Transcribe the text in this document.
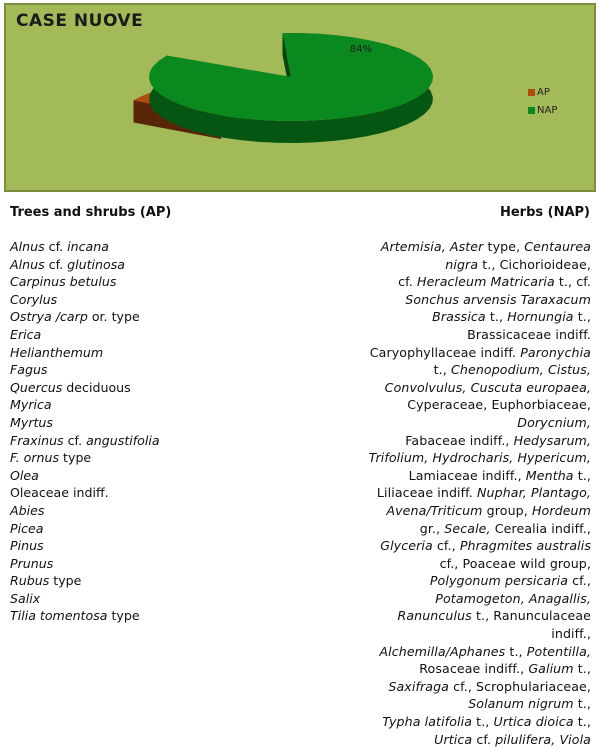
84%
CASE NUOVE
AP
NAP
Trees and shrubs (AP)	Herbs (NAP)
Alnus cf. incana
Alnus cf. glutinosa
Carpinus betulus
Corylus
Ostrya /carp or. type
Erica
Helianthemum
Fagus
Quercus deciduous
Myrica
Myrtus
Fraxinus cf. angustifolia
F. ornus type
Olea
Oleaceae indiff.
Abies
Picea
Pinus
Prunus
Rubus type
Salix
Tilia tomentosa type
Artemisia, Aster type, Centaurea
nigra t., Cichorioideae,
cf. Heracleum Matricaria t., cf.
Sonchus arvensis Taraxacum
Brassica t., Hornungia t.,
Brassicaceae indiff.
Caryophyllaceae indiff. Paronychia
t., Chenopodium, Cistus,
Convolvulus, Cuscuta europaea,
Cyperaceae, Euphorbiaceae,
Dorycnium,
Fabaceae indiff., Hedysarum,
Trifolium, Hydrocharis, Hypericum,
Lamiaceae indiff., Mentha t.,
Liliaceae indiff. Nuphar, Plantago,
Avena/Triticum group, Hordeum
gr., Secale, Cerealia indiff.,
Glyceria cf., Phragmites australis
cf., Poaceae wild group,
Polygonum persicaria cf.,
Potamogeton, Anagallis,
Ranunculus t., Ranunculaceae
indiff.,
Alchemilla/Aphanes t., Potentilla,
Rosaceae indiff., Galium t.,
Saxifraga cf., Scrophulariaceae,
Solanum nigrum t.,
Typha latifolia t., Urtica dioica t.,
Urtica cf. pilulifera, Viola
